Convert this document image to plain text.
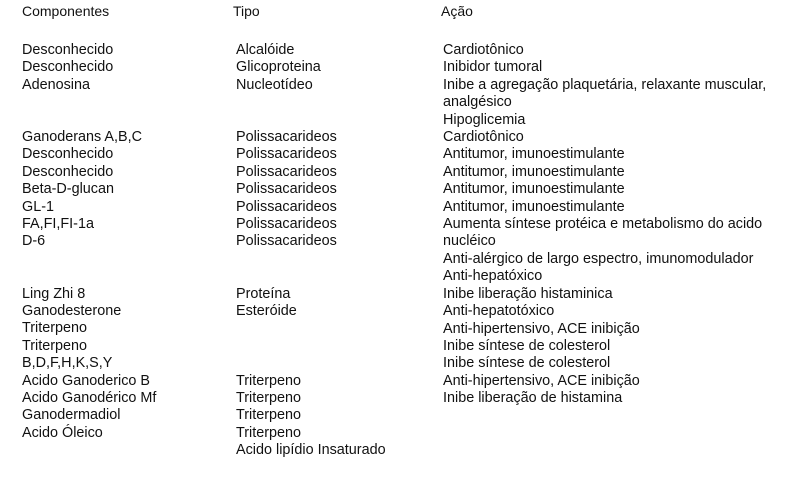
Componentes	Tipo	Ação
Desconhecido
Desconhecido
Adenosina
Ganoderans A,B,C
Desconhecido
Desconhecido
Beta-D-glucan
GL-1
FA,FI,FI-1a
D-6
Ling Zhi 8
Ganodesterone
Triterpeno
Triterpeno
B,D,F,H,K,S,Y
Acido Ganoderico B
Acido Ganodérico Mf
Ganodermadiol
Acido Óleico
Alcalóide
Glicoproteina
Nucleotídeo
Polissacarideos
Polissacarideos
Polissacarideos
Polissacarideos
Polissacarideos
Polissacarideos
Polissacarideos
Proteína
Esteróide
Triterpeno
Triterpeno
Triterpeno
Triterpeno
Acido lipídio Insaturado
Cardiotônico
Inibidor tumoral
Inibe a agregação plaquetária, relaxante muscular,
analgésico
Hipoglicemia
Cardiotônico
Antitumor, imunoestimulante
Antitumor, imunoestimulante
Antitumor, imunoestimulante
Antitumor, imunoestimulante
Aumenta síntese protéica e metabolismo do acido
nucléico
Anti-alérgico de largo espectro, imunomodulador
Anti-hepatóxico
Inibe liberação histaminica
Anti-hepatotóxico
Anti-hipertensivo, ACE inibição
Inibe síntese de colesterol
Inibe síntese de colesterol
Anti-hipertensivo, ACE inibição
Inibe liberação de histamina
